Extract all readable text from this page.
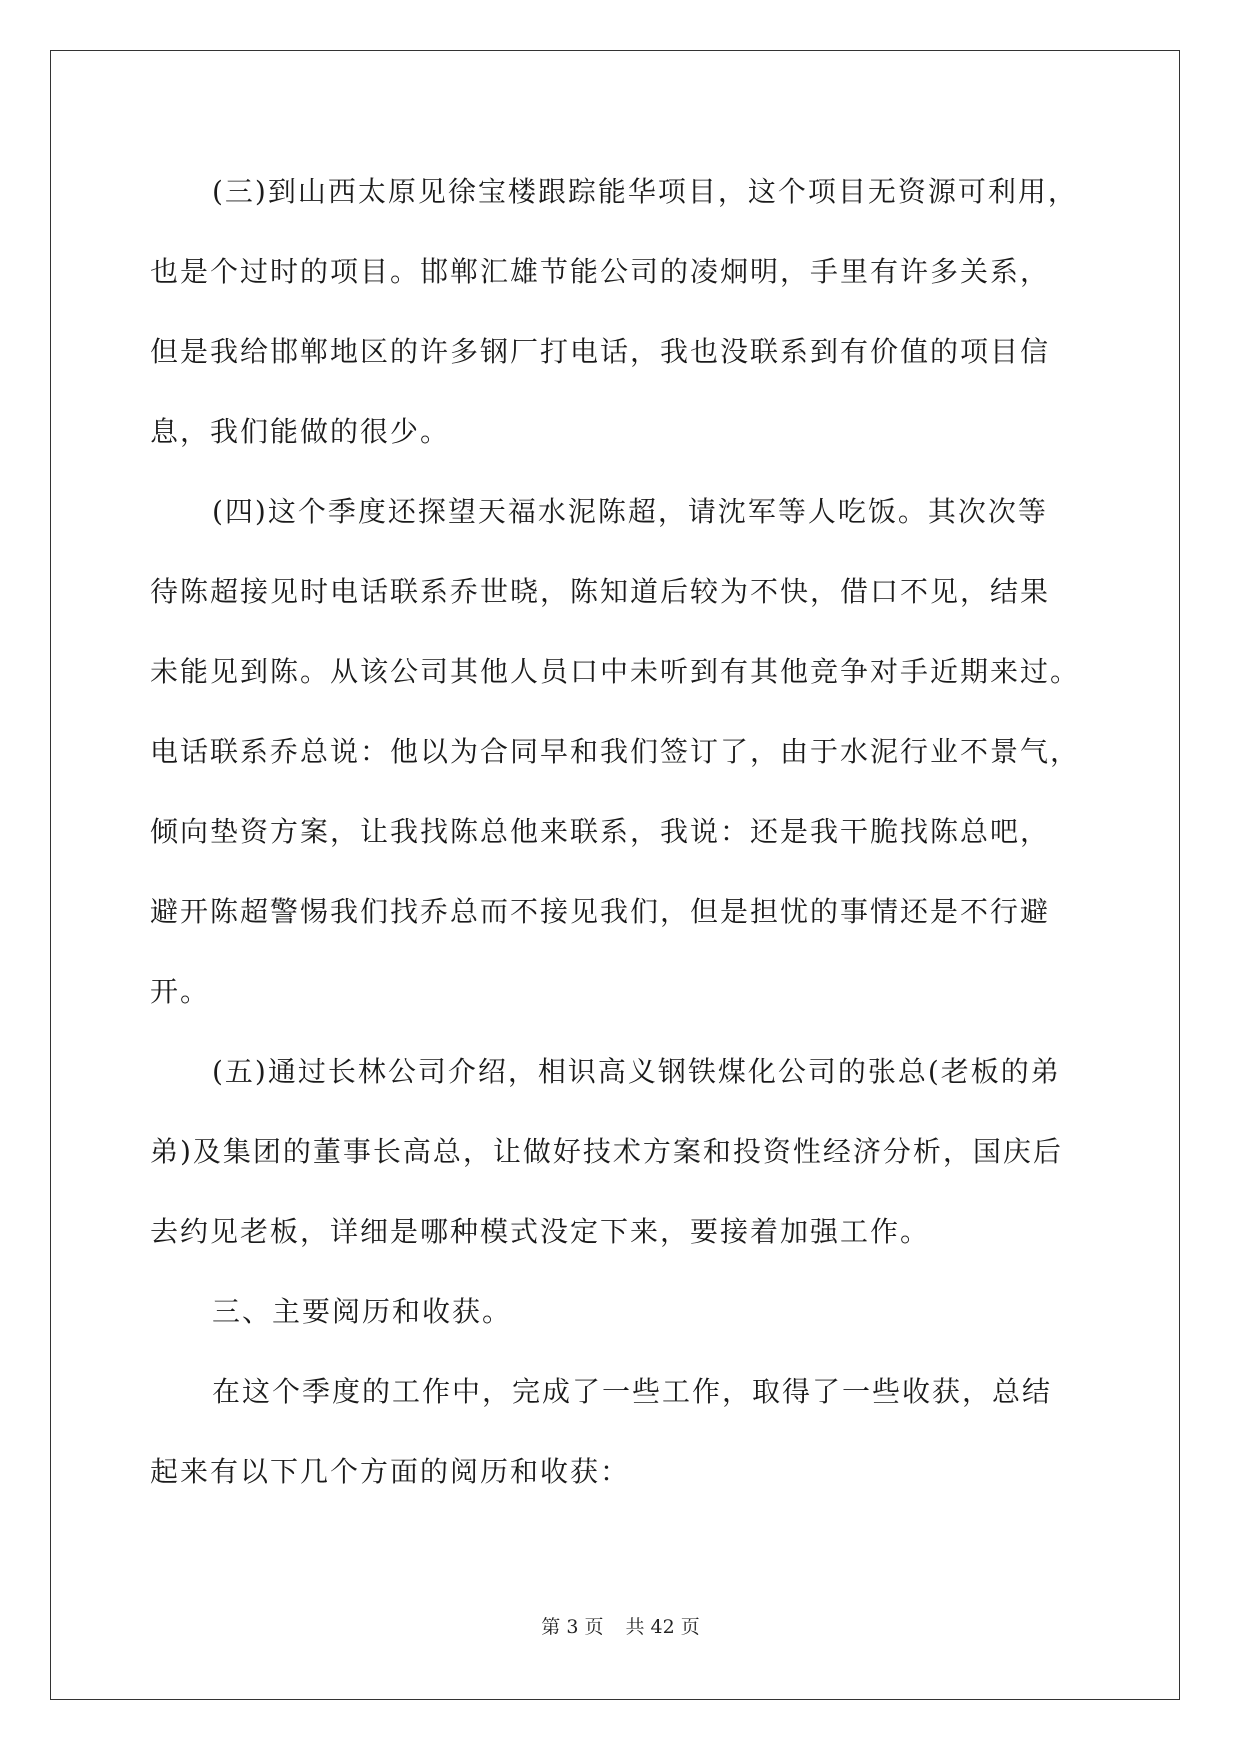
(三)到山西太原见徐宝楼跟踪能华项目，这个项目无资源可利用，
也是个过时的项目。邯郸汇雄节能公司的凌炯明，手里有许多关系，
但是我给邯郸地区的许多钢厂打电话，我也没联系到有价值的项目信
息，我们能做的很少。
(四)这个季度还探望天福水泥陈超，请沈军等人吃饭。其次次等
待陈超接见时电话联系乔世晓，陈知道后较为不快，借口不见，结果
未能见到陈。从该公司其他人员口中未听到有其他竞争对手近期来过。
电话联系乔总说：他以为合同早和我们签订了，由于水泥行业不景气，
倾向垫资方案，让我找陈总他来联系，我说：还是我干脆找陈总吧，
避开陈超警惕我们找乔总而不接见我们，但是担忧的事情还是不行避
开。
(五)通过长林公司介绍，相识高义钢铁煤化公司的张总(老板的弟
弟)及集团的董事长高总，让做好技术方案和投资性经济分析，国庆后
去约见老板，详细是哪种模式没定下来，要接着加强工作。
三、主要阅历和收获。
在这个季度的工作中，完成了一些工作，取得了一些收获，总结
起来有以下几个方面的阅历和收获：
第 3 页 共 42 页
